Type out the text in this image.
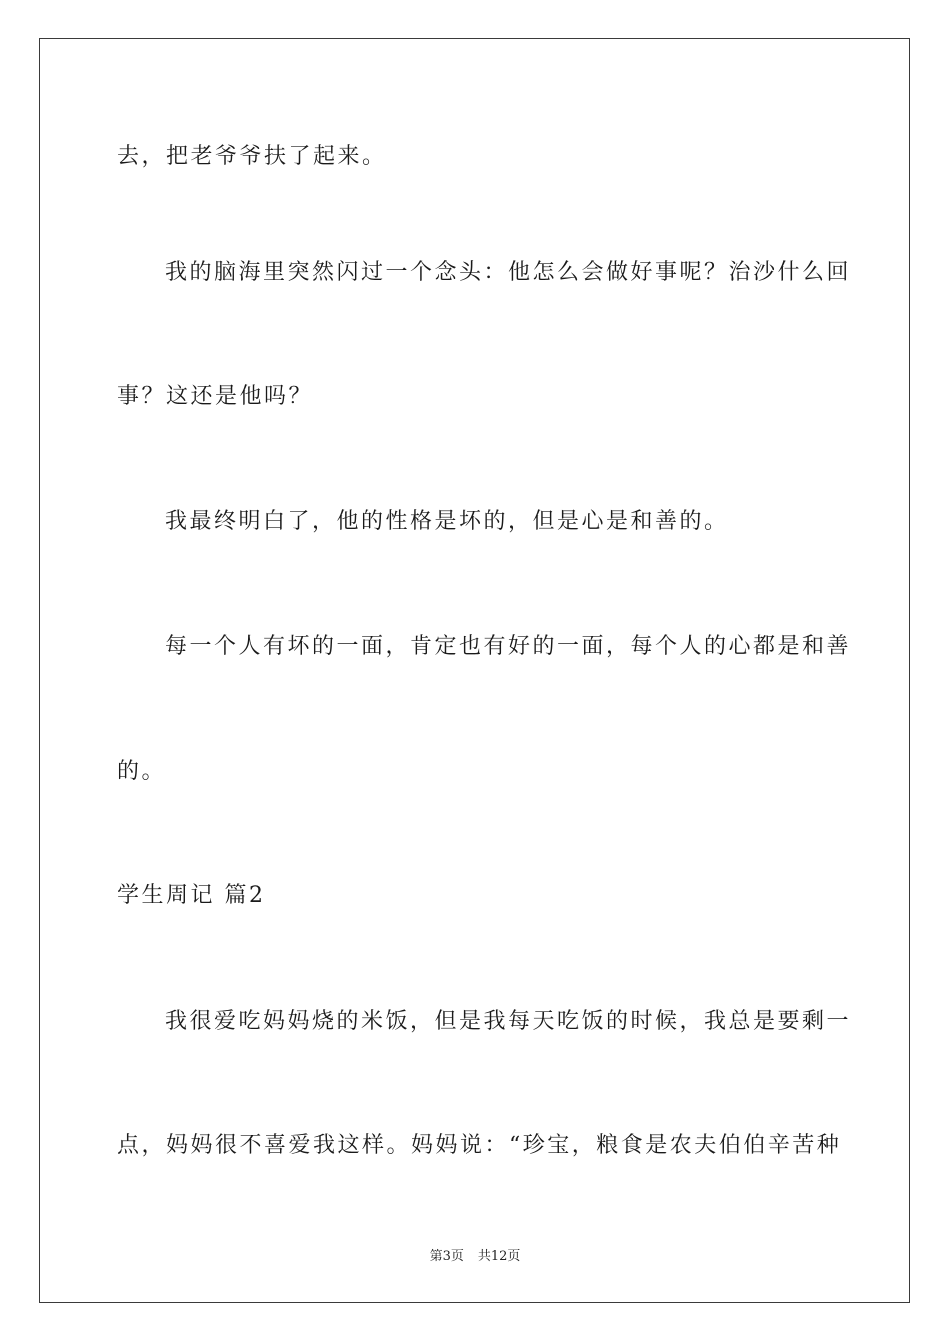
去，把老爷爷扶了起来。
我的脑海里突然闪过一个念头：他怎么会做好事呢？治沙什么回
事？这还是他吗？
我最终明白了，他的性格是坏的，但是心是和善的。
每一个人有坏的一面，肯定也有好的一面，每个人的心都是和善
的。
学生周记 篇2
我很爱吃妈妈烧的米饭，但是我每天吃饭的时候，我总是要剩一
点，妈妈很不喜爱我这样。妈妈说：“珍宝，粮食是农夫伯伯辛苦种
第3页 共12页
